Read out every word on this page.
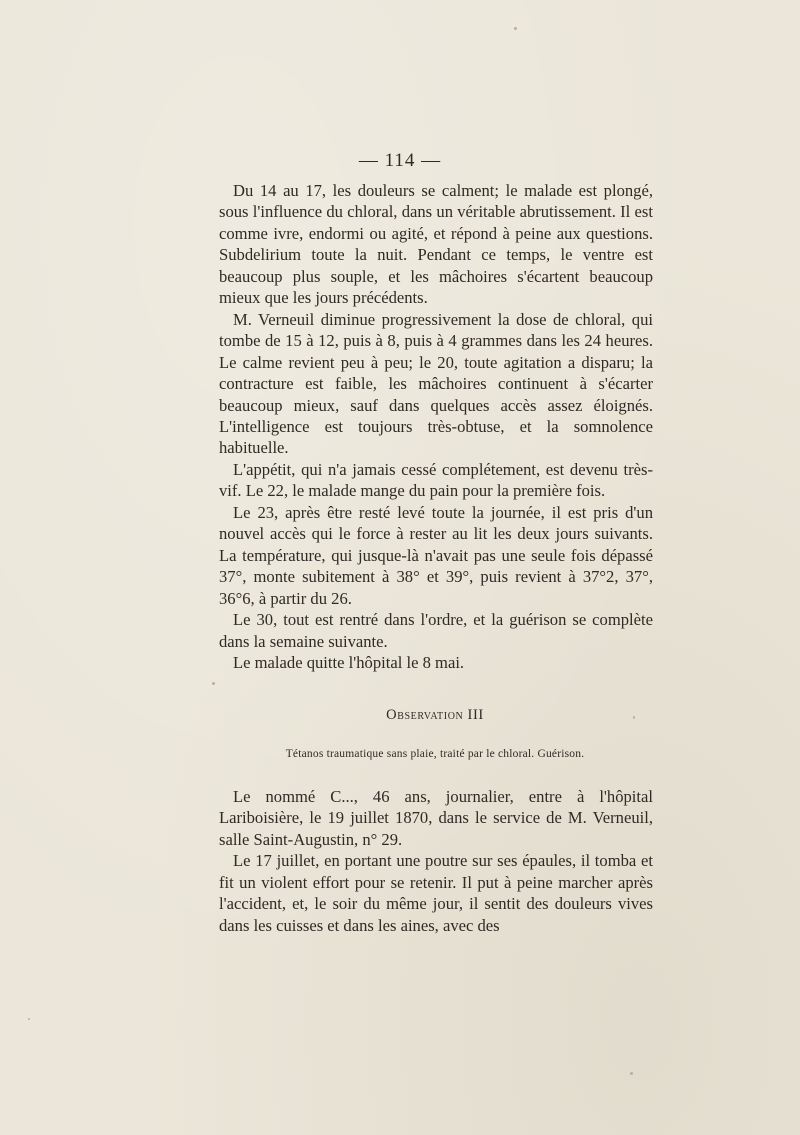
— 114 —

Du 14 au 17, les douleurs se calment; le malade est plongé, sous l'influence du chloral, dans un véritable abrutissement. Il est comme ivre, endormi ou agité, et répond à peine aux questions. Subdelirium toute la nuit. Pendant ce temps, le ventre est beaucoup plus souple, et les mâchoires s'écartent beaucoup mieux que les jours précédents.

M. Verneuil diminue progressivement la dose de chloral, qui tombe de 15 à 12, puis à 8, puis à 4 grammes dans les 24 heures. Le calme revient peu à peu; le 20, toute agitation a disparu; la contracture est faible, les mâchoires continuent à s'écarter beaucoup mieux, sauf dans quelques accès assez éloignés. L'intelligence est toujours très-obtuse, et la somnolence habituelle.

L'appétit, qui n'a jamais cessé complétement, est devenu très-vif. Le 22, le malade mange du pain pour la première fois.

Le 23, après être resté levé toute la journée, il est pris d'un nouvel accès qui le force à rester au lit les deux jours suivants. La température, qui jusque-là n'avait pas une seule fois dépassé 37°, monte subitement à 38° et 39°, puis revient à 37°2, 37°, 36°6, à partir du 26.

Le 30, tout est rentré dans l'ordre, et la guérison se complète dans la semaine suivante.

Le malade quitte l'hôpital le 8 mai.

Observation III
Tétanos traumatique sans plaie, traité par le chloral. Guérison.

Le nommé C..., 46 ans, journalier, entre à l'hôpital Lariboisière, le 19 juillet 1870, dans le service de M. Verneuil, salle Saint-Augustin, n° 29.

Le 17 juillet, en portant une poutre sur ses épaules, il tomba et fit un violent effort pour se retenir. Il put à peine marcher après l'accident, et, le soir du même jour, il sentit des douleurs vives dans les cuisses et dans les aines, avec des
